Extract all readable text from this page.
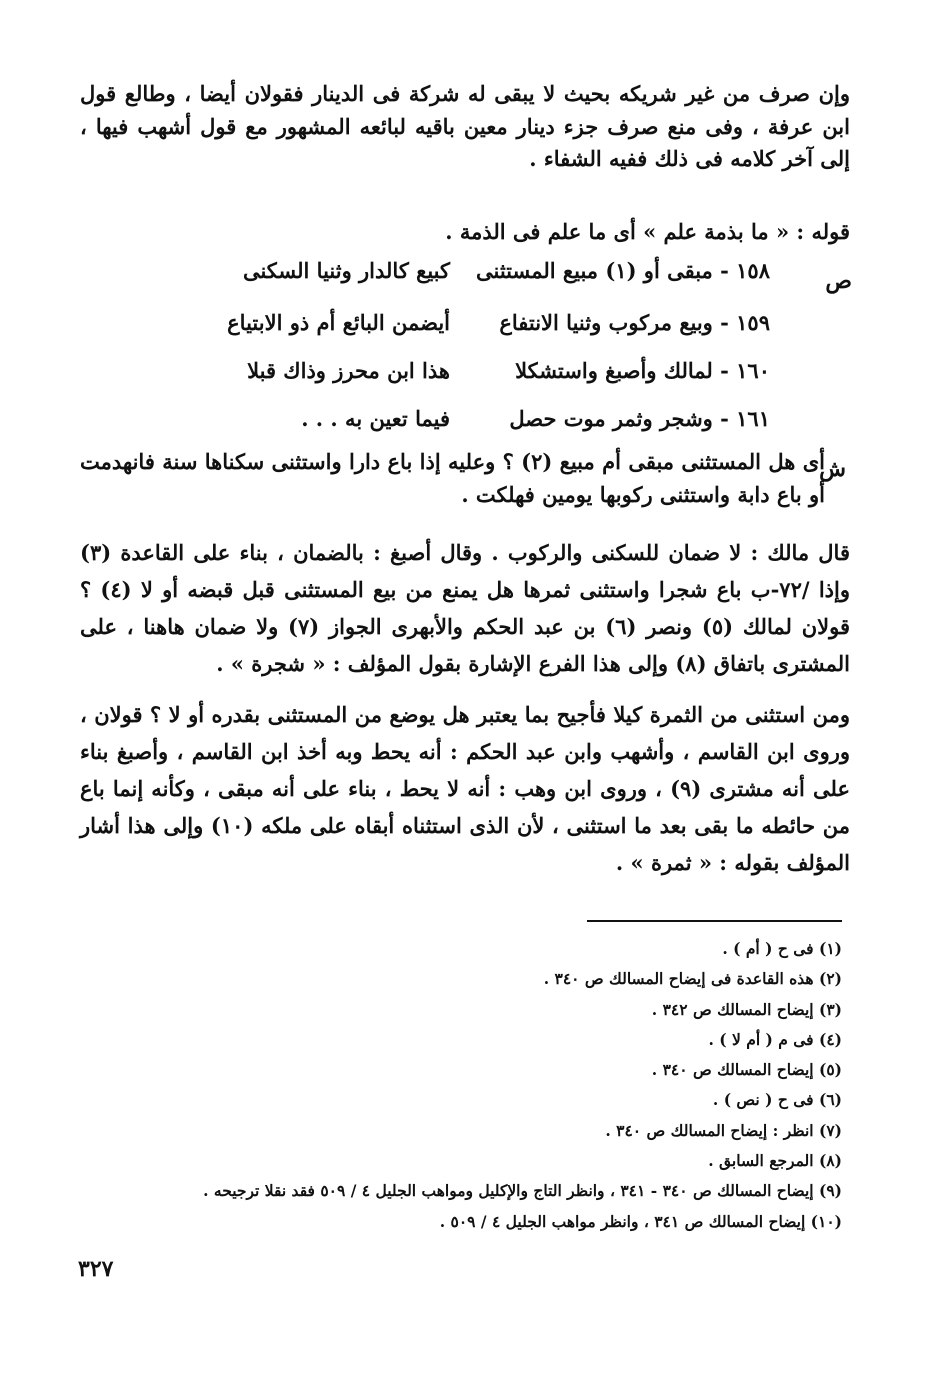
وإن صرف من غير شريكه بحيث لا يبقى له شركة فى الدينار فقولان أيضا ، وطالع قول ابن عرفة ، وفى منع صرف جزء دينار معين باقيه لبائعه المشهور مع قول أشهب فيها ، إلى آخر كلامه فى ذلك ففيه الشفاء .
قوله : « ما بذمة علم » أى ما علم فى الذمة .
ص
١٥٨ - مبقى أو (١) مبيع المستثنى
كبيع كالدار وثنيا السكنى
١٥٩ - وبيع مركوب وثنيا الانتفاع
أيضمن البائع أم ذو الابتياع
١٦٠ - لمالك وأصبغ واستشكلا
هذا ابن محرز وذاك قبلا
١٦١ - وشجر وثمر موت حصل
فيما تعين به . . .
ش
أى هل المستثنى مبقى أم مبيع (٢) ؟ وعليه إذا باع دارا واستثنى سكناها سنة فانهدمت أو باع دابة واستثنى ركوبها يومين فهلكت .
قال مالك : لا ضمان للسكنى والركوب . وقال أصبغ : بالضمان ، بناء على القاعدة (٣) وإذا /٧٢-ب باع شجرا واستثنى ثمرها هل يمنع من بيع المستثنى قبل قبضه أو لا (٤) ؟ قولان لمالك (٥) ونصر (٦) بن عبد الحكم والأبهرى الجواز (٧) ولا ضمان هاهنا ، على المشترى باتفاق (٨) وإلى هذا الفرع الإشارة بقول المؤلف : « شجرة » .
ومن استثنى من الثمرة كيلا فأجيح بما يعتبر هل يوضع من المستثنى بقدره أو لا ؟ قولان ، وروى ابن القاسم ، وأشهب وابن عبد الحكم : أنه يحط وبه أخذ ابن القاسم ، وأصبغ بناء على أنه مشترى (٩) ، وروى ابن وهب : أنه لا يحط ، بناء على أنه مبقى ، وكأنه إنما باع من حائطه ما بقى بعد ما استثنى ، لأن الذى استثناه أبقاه على ملكه (١٠) وإلى هذا أشار المؤلف بقوله : « ثمرة » .
(١) فى ح ( أم ) .
(٢) هذه القاعدة فى إيضاح المسالك ص ٣٤٠ .
(٣) إيضاح المسالك ص ٣٤٢ .
(٤) فى م ( أم لا ) .
(٥) إيضاح المسالك ص ٣٤٠ .
(٦) فى ح ( نص ) .
(٧) انظر : إيضاح المسالك ص ٣٤٠ .
(٨) المرجع السابق .
(٩) إيضاح المسالك ص ٣٤٠ - ٣٤١ ، وانظر التاج والإكليل ومواهب الجليل ٤ / ٥٠٩ فقد نقلا ترجيحه .
(١٠) إيضاح المسالك ص ٣٤١ ، وانظر مواهب الجليل ٤ / ٥٠٩ .
٣٢٧
